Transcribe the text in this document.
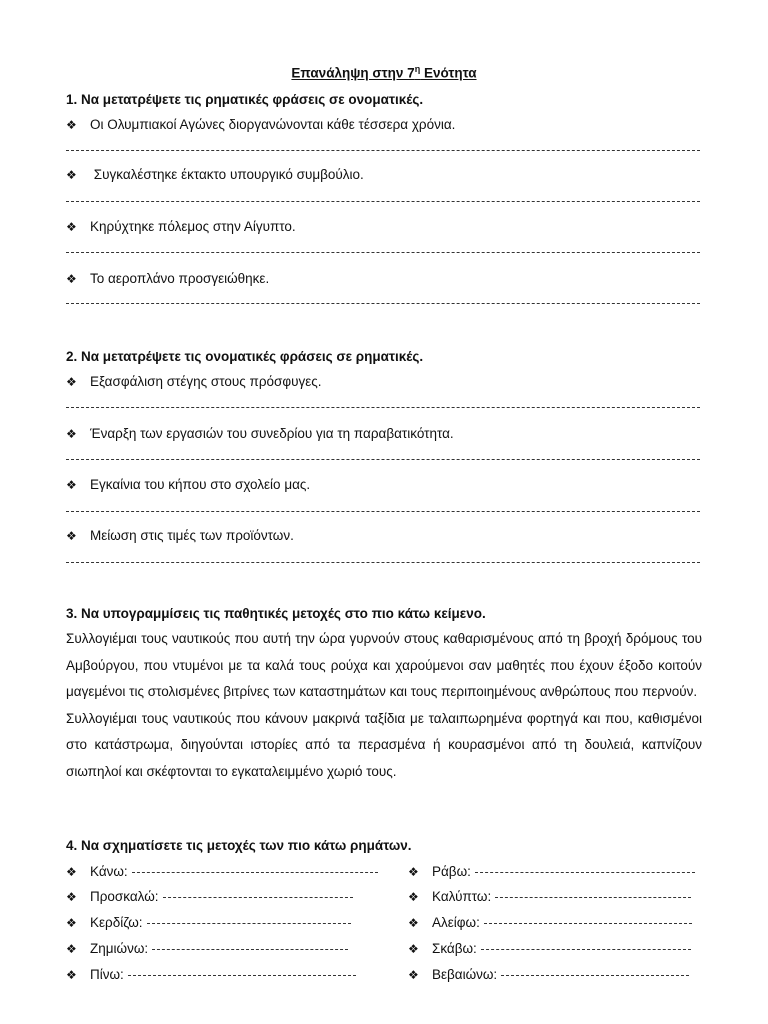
Επανάληψη στην $7^\eta$ Ενότητα
1. Να μετατρέψετε τις ρηματικές φράσεις σε ονοματικές.
❖ Οι Ολυμπιακοί Αγώνες διοργανώνονται κάθε τέσσερα χρόνια.
❖ Συγκαλέστηκε έκτακτο υπουργικό συμβούλιο.
❖ Κηρύχτηκε πόλεμος στην Αίγυπτο.
❖ Το αεροπλάνο προσγειώθηκε.
2. Να μετατρέψετε τις ονοματικές φράσεις σε ρηματικές.
❖ Εξασφάλιση στέγης στους πρόσφυγες.
❖ Έναρξη των εργασιών του συνεδρίου για τη παραβατικότητα.
❖ Εγκαίνια του κήπου στο σχολείο μας.
❖ Μείωση στις τιμές των προϊόντων.
3. Να υπογραμμίσεις τις παθητικές μετοχές στο πιο κάτω κείμενο.

Συλλογιέμαι τους ναυτικούς που αυτή την ώρα γυρνούν στους καθαρισμένους από τη βροχή δρόμους του Αμβούργου, που ντυμένοι με τα καλά τους ρούχα και χαρούμενοι σαν μαθητές που έχουν έξοδο κοιτούν μαγεμένοι τις στολισμένες βιτρίνες των καταστημάτων και τους περιποιημένους ανθρώπους που περνούν.

Συλλογιέμαι τους ναυτικούς που κάνουν μακρινά ταξίδια με ταλαιπωρημένα φορτηγά και που, καθισμένοι στο κατάστρωμα, διηγούνται ιστορίες από τα περασμένα ή κουρασμένοι από τη δουλειά, καπνίζουν σιωπηλοί και σκέφτονται το εγκαταλειμμένο χωριό τους.

4. Να σχηματίσετε τις μετοχές των πιο κάτω ρημάτων.
❖ Κάνω:
❖ Προσκαλώ:
❖ Κερδίζω:
❖ Ζημιώνω:
❖ Πίνω:
❖ Ράβω:
❖ Καλύπτω:
❖ Αλείφω:
❖ Σκάβω:
❖ Βεβαιώνω:
